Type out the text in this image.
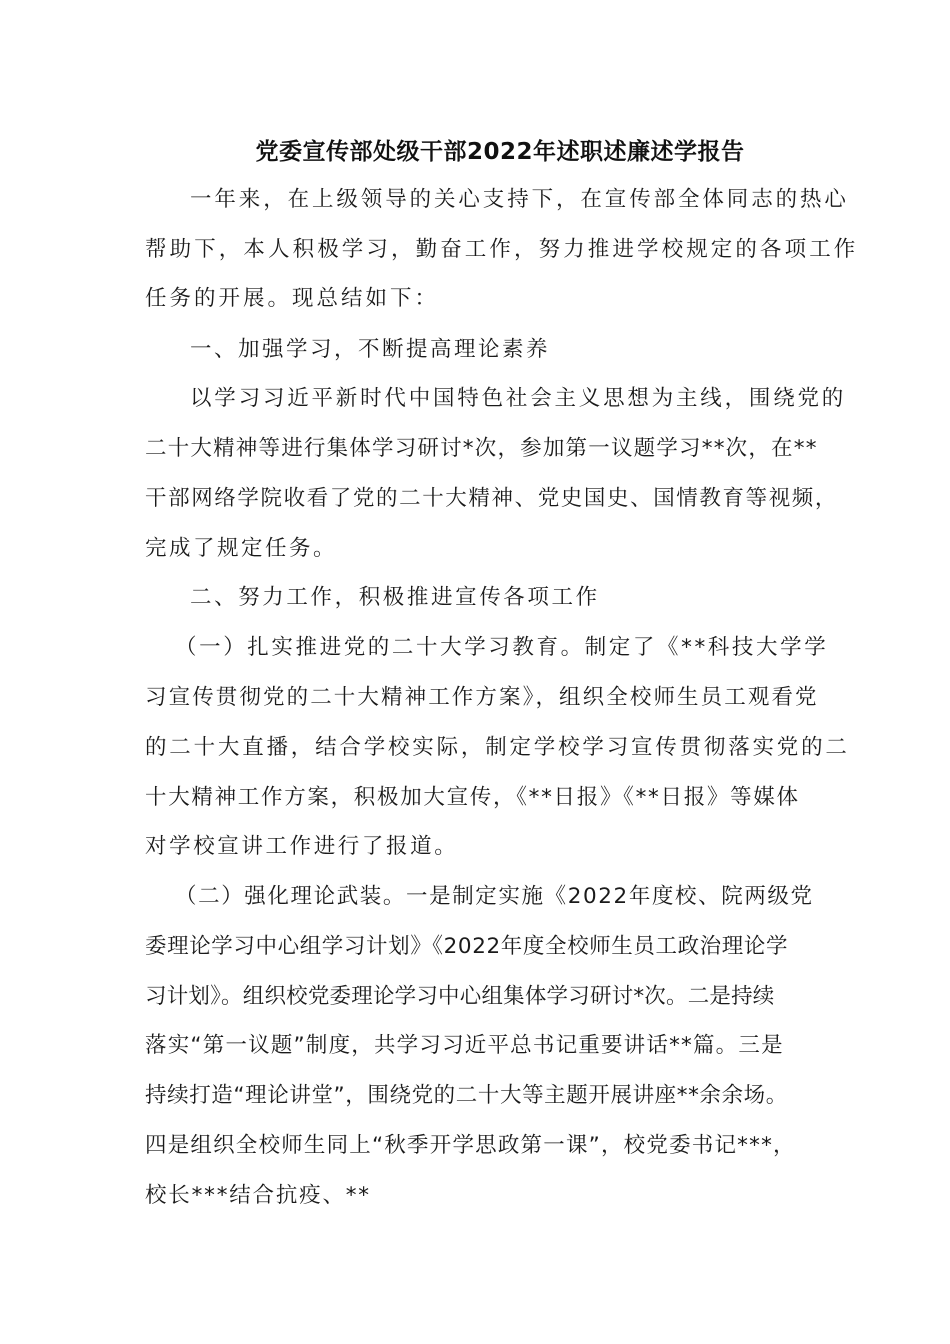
党委宣传部处级干部2022年述职述廉述学报告
一年来，在上级领导的关心支持下，在宣传部全体同志的热心
帮助下，本人积极学习，勤奋工作，努力推进学校规定的各项工作
任务的开展。现总结如下：
一、加强学习，不断提高理论素养
以学习习近平新时代中国特色社会主义思想为主线，围绕党的
二十大精神等进行集体学习研讨*次，参加第一议题学习**次，在**
干部网络学院收看了党的二十大精神、党史国史、国情教育等视频，
完成了规定任务。
二、努力工作，积极推进宣传各项工作
（一）扎实推进党的二十大学习教育。制定了《**科技大学学
习宣传贯彻党的二十大精神工作方案》，组织全校师生员工观看党
的二十大直播，结合学校实际，制定学校学习宣传贯彻落实党的二
十大精神工作方案，积极加大宣传，《**日报》《**日报》等媒体
对学校宣讲工作进行了报道。
（二）强化理论武装。一是制定实施《2022年度校、院两级党
委理论学习中心组学习计划》《2022年度全校师生员工政治理论学
习计划》。组织校党委理论学习中心组集体学习研讨*次。二是持续
落实“第一议题”制度，共学习习近平总书记重要讲话**篇。三是
持续打造“理论讲堂”，围绕党的二十大等主题开展讲座**余余场。
四是组织全校师生同上“秋季开学思政第一课”，校党委书记***，
校长***结合抗疫、**
